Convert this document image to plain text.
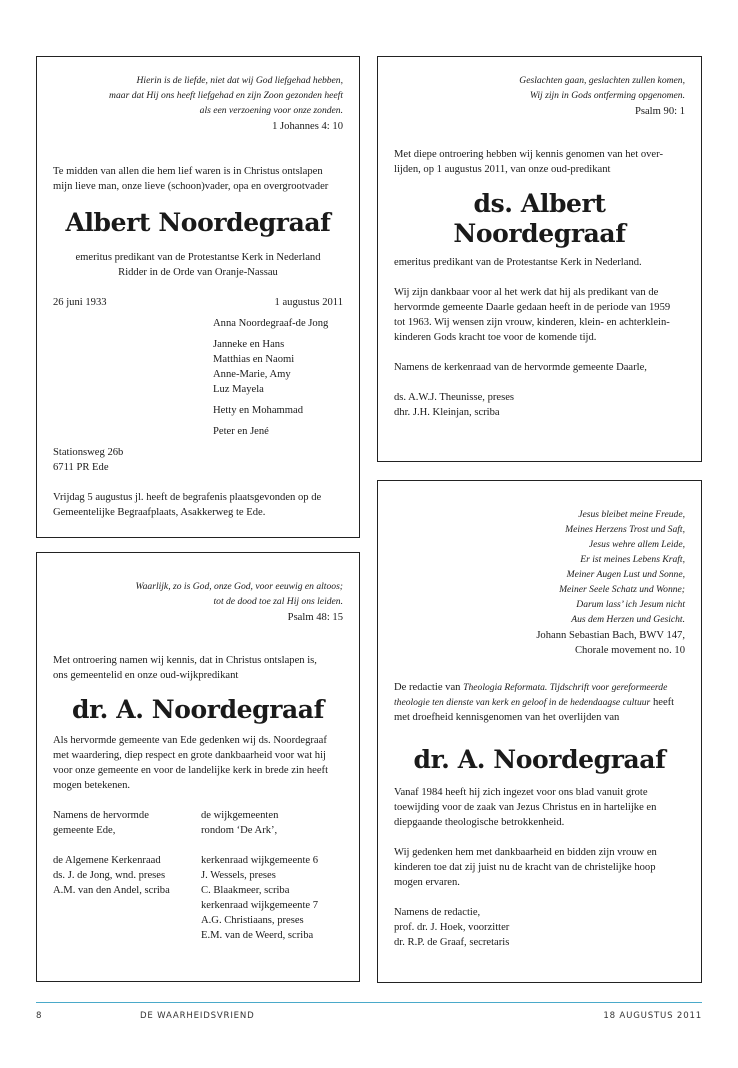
Hierin is de liefde, niet dat wij God liefgehad hebben,
maar dat Hij ons heeft liefgehad en zijn Zoon gezonden heeft
als een verzoening voor onze zonden.
1 Johannes 4: 10

Te midden van allen die hem lief waren is in Christus ontslapen

mijn lieve man, onze lieve (schoon)vader, opa en overgrootvader

Albert Noordegraaf

emeritus predikant van de Protestantse Kerk in Nederland

Ridder in de Orde van Oranje-Nassau

26 juni 1933	1 augustus 2011

Anna Noordegraaf-de Jong

Janneke en Hans

Matthias en Naomi

Anne-Marie, Amy

Luz Mayela

Hetty en Mohammad

Peter en Jené

Stationsweg 26b

6711 PR Ede

Vrijdag 5 augustus jl. heeft de begrafenis plaatsgevonden op de

Gemeentelijke Begraafplaats, Asakkerweg te Ede.

Geslachten gaan, geslachten zullen komen,
Wij zijn in Gods ontferming opgenomen.
Psalm 90: 1

Met diepe ontroering hebben wij kennis genomen van het over-

lijden, op 1 augustus 2011, van onze oud-predikant

ds. Albert Noordegraaf

emeritus predikant van de Protestantse Kerk in Nederland.

Wij zijn dankbaar voor al het werk dat hij als predikant van de

hervormde gemeente Daarle gedaan heeft in de periode van 1959

tot 1963. Wij wensen zijn vrouw, kinderen, klein- en achterklein-

kinderen Gods kracht toe voor de komende tijd.

Namens de kerkenraad van de hervormde gemeente Daarle,

ds. A.W.J. Theunisse, preses

dhr. J.H. Kleinjan, scriba

Waarlijk, zo is God, onze God, voor eeuwig en altoos;
tot de dood toe zal Hij ons leiden.
Psalm 48: 15

Met ontroering namen wij kennis, dat in Christus ontslapen is,

ons gemeentelid en onze oud-wijkpredikant

dr. A. Noordegraaf

Als hervormde gemeente van Ede gedenken wij ds. Noordegraaf

met waardering, diep respect en grote dankbaarheid voor wat hij

voor onze gemeente en voor de landelijke kerk in brede zin heeft

mogen betekenen.

Namens de hervormde

gemeente Ede,

de wijkgemeenten

rondom ‘De Ark’,

de Algemene Kerkenraad

ds. J. de Jong, wnd. preses

A.M. van den Andel, scriba

kerkenraad wijkgemeente 6

J. Wessels, preses

C. Blaakmeer, scriba

kerkenraad wijkgemeente 7

A.G. Christiaans, preses

E.M. van de Weerd, scriba

Jesus bleibet meine Freude,
Meines Herzens Trost und Saft,
Jesus wehre allem Leide,
Er ist meines Lebens Kraft,
Meiner Augen Lust und Sonne,
Meiner Seele Schatz und Wonne;
Darum lass’ ich Jesum nicht
Aus dem Herzen und Gesicht.
Johann Sebastian Bach, BWV 147,
Chorale movement no. 10

De redactie van Theologia Reformata. Tijdschrift voor gereformeerde

theologie ten dienste van kerk en geloof in de hedendaagse cultuur heeft

met droefheid kennisgenomen van het overlijden van

dr. A. Noordegraaf

Vanaf 1984 heeft hij zich ingezet voor ons blad vanuit grote

toewijding voor de zaak van Jezus Christus en in hartelijke en

diepgaande theologische betrokkenheid.

Wij gedenken hem met dankbaarheid en bidden zijn vrouw en

kinderen toe dat zij juist nu de kracht van de christelijke hoop

mogen ervaren.

Namens de redactie,

prof. dr. J. Hoek, voorzitter

dr. R.P. de Graaf, secretaris

8	DE WAARHEIDSVRIEND	18 AUGUSTUS 2011
